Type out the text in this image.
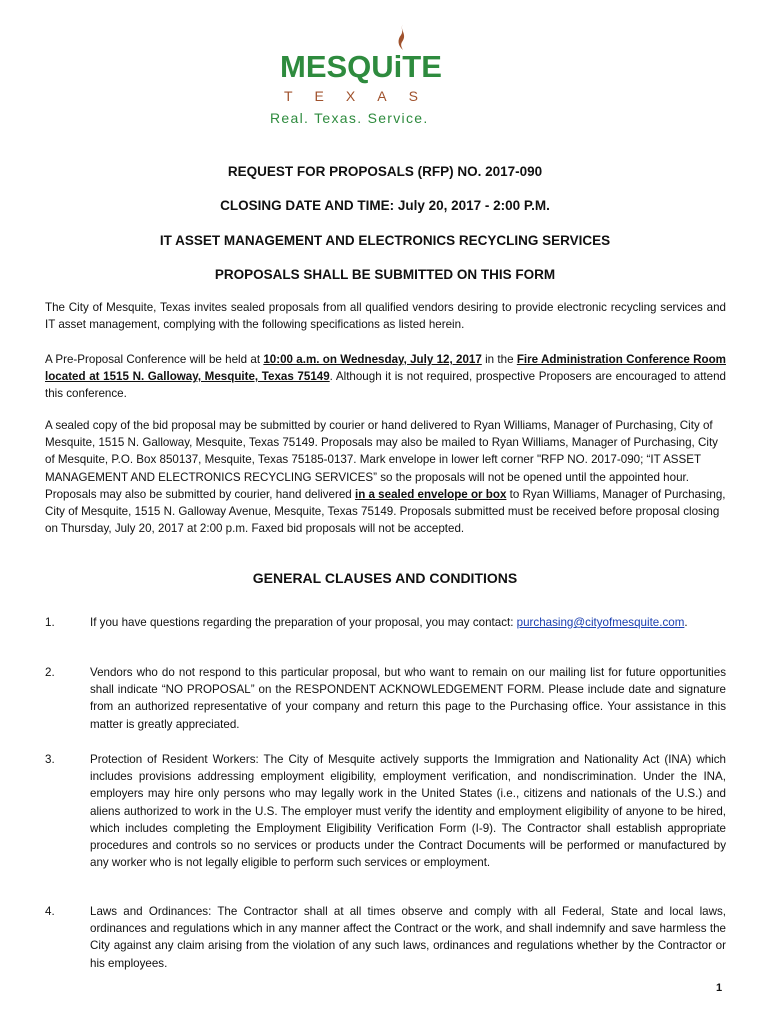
MESQUiTE
TEXAS
Real. Texas. Service.
REQUEST FOR PROPOSALS (RFP) NO. 2017-090
CLOSING DATE AND TIME: July 20, 2017 - 2:00 P.M.
IT ASSET MANAGEMENT AND ELECTRONICS RECYCLING SERVICES
PROPOSALS SHALL BE SUBMITTED ON THIS FORM
The City of Mesquite, Texas invites sealed proposals from all qualified vendors desiring to provide electronic recycling services and IT asset management, complying with the following specifications as listed herein.
A Pre-Proposal Conference will be held at 10:00 a.m. on Wednesday, July 12, 2017 in the Fire Administration Conference Room located at 1515 N. Galloway, Mesquite, Texas 75149. Although it is not required, prospective Proposers are encouraged to attend this conference.
A sealed copy of the bid proposal may be submitted by courier or hand delivered to Ryan Williams, Manager of Purchasing, City of Mesquite, 1515 N. Galloway, Mesquite, Texas 75149. Proposals may also be mailed to Ryan Williams, Manager of Purchasing, City of Mesquite, P.O. Box 850137, Mesquite, Texas 75185-0137. Mark envelope in lower left corner "RFP NO. 2017-090; “IT ASSET MANAGEMENT AND ELECTRONICS RECYCLING SERVICES” so the proposals will not be opened until the appointed hour. Proposals may also be submitted by courier, hand delivered in a sealed envelope or box to Ryan Williams, Manager of Purchasing, City of Mesquite, 1515 N. Galloway Avenue, Mesquite, Texas 75149. Proposals submitted must be received before proposal closing on Thursday, July 20, 2017 at 2:00 p.m. Faxed bid proposals will not be accepted.
GENERAL CLAUSES AND CONDITIONS
1.	If you have questions regarding the preparation of your proposal, you may contact: purchasing@cityofmesquite.com.
2.	Vendors who do not respond to this particular proposal, but who want to remain on our mailing list for future opportunities shall indicate “NO PROPOSAL” on the RESPONDENT ACKNOWLEDGEMENT FORM. Please include date and signature from an authorized representative of your company and return this page to the Purchasing office. Your assistance in this matter is greatly appreciated.
3.	Protection of Resident Workers: The City of Mesquite actively supports the Immigration and Nationality Act (INA) which includes provisions addressing employment eligibility, employment verification, and nondiscrimination. Under the INA, employers may hire only persons who may legally work in the United States (i.e., citizens and nationals of the U.S.) and aliens authorized to work in the U.S. The employer must verify the identity and employment eligibility of anyone to be hired, which includes completing the Employment Eligibility Verification Form (I-9). The Contractor shall establish appropriate procedures and controls so no services or products under the Contract Documents will be performed or manufactured by any worker who is not legally eligible to perform such services or employment.
4.	Laws and Ordinances: The Contractor shall at all times observe and comply with all Federal, State and local laws, ordinances and regulations which in any manner affect the Contract or the work, and shall indemnify and save harmless the City against any claim arising from the violation of any such laws, ordinances and regulations whether by the Contractor or his employees.
1
